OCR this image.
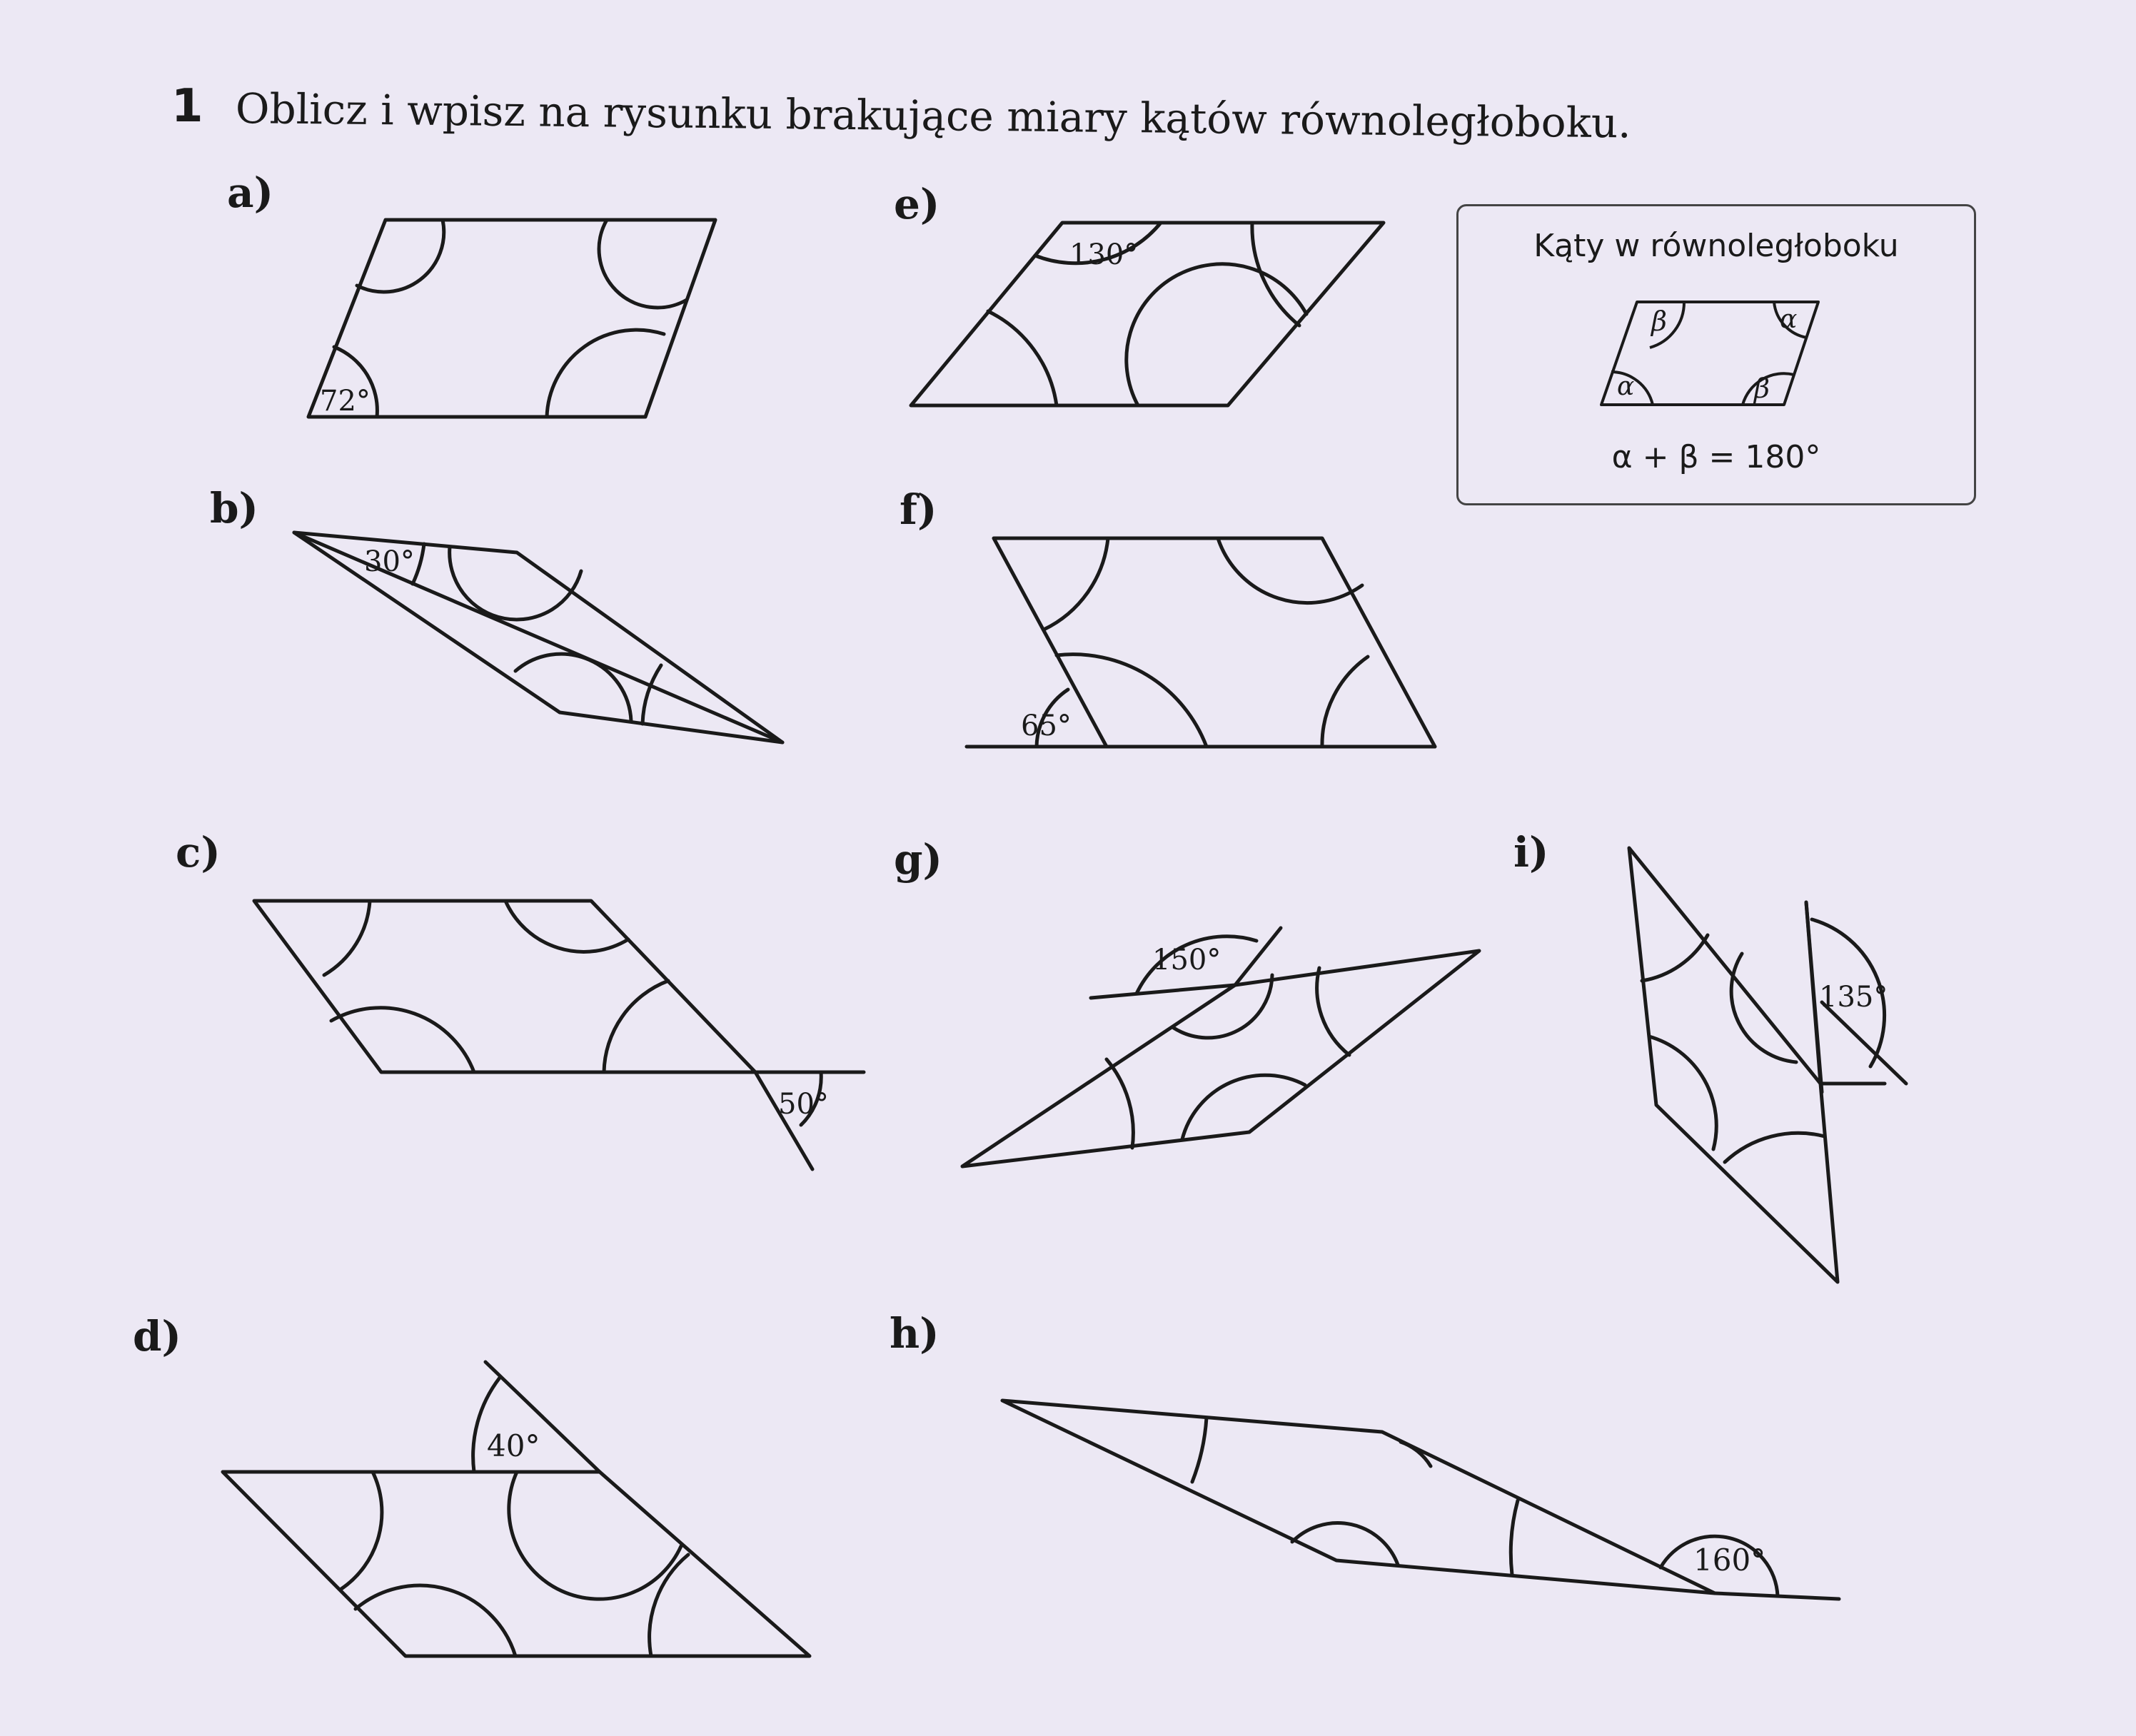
1 Oblicz i wpisz na rysunku brakujące miary kątów równoległoboku.
a)
b)
c)
d)
e)
f)
g)
h)
i)
72°
30°
50°
40°
130°
65°
150°
160°
135°
Kąty w równoległoboku
β	α
α	β
α + β = 180°
